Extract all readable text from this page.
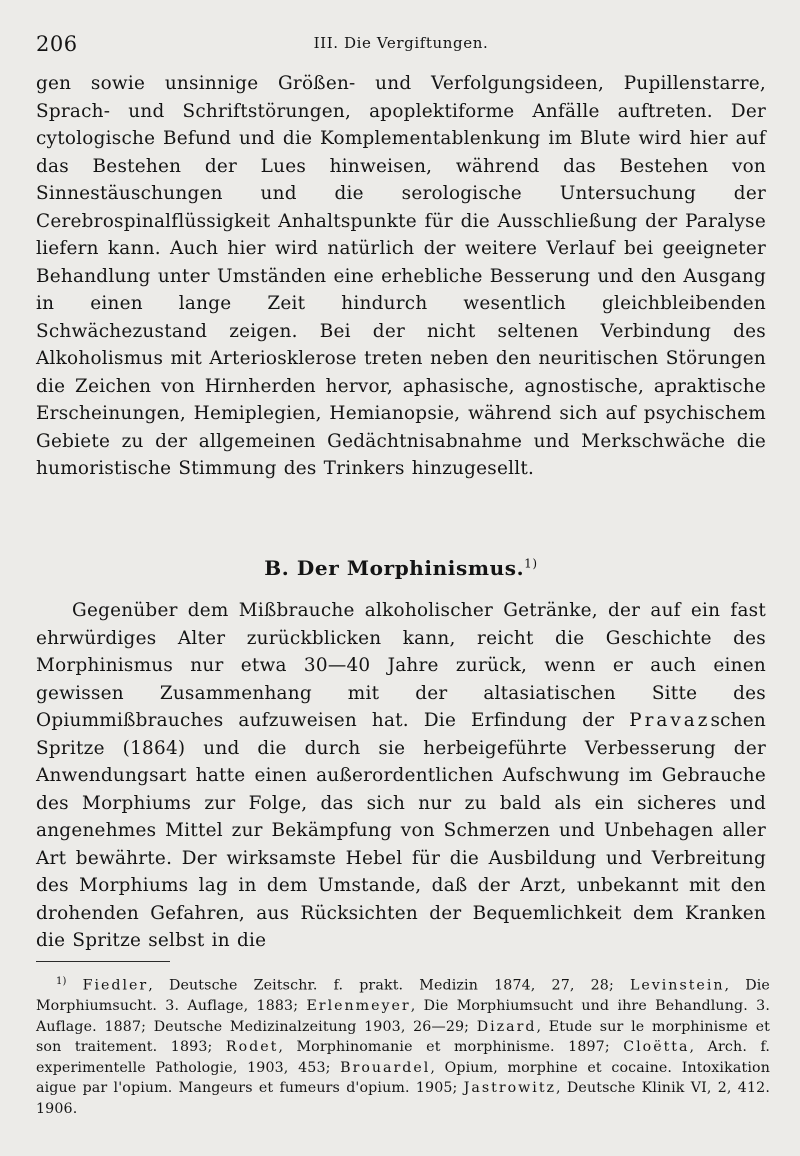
206	III. Die Vergiftungen.

gen sowie unsinnige Größen- und Verfolgungsideen, Pupillenstarre, Sprach- und Schriftstörungen, apoplektiforme Anfälle auftreten. Der cytologische Befund und die Komplementablenkung im Blute wird hier auf das Bestehen der Lues hinweisen, während das Bestehen von Sinnestäuschungen und die serologische Untersuchung der Cerebrospinalflüssigkeit Anhaltspunkte für die Ausschließung der Paralyse liefern kann. Auch hier wird natürlich der weitere Verlauf bei geeigneter Behandlung unter Umständen eine erhebliche Besserung und den Ausgang in einen lange Zeit hindurch wesentlich gleichbleibenden Schwächezustand zeigen. Bei der nicht seltenen Verbindung des Alkoholismus mit Arteriosklerose treten neben den neuritischen Störungen die Zeichen von Hirnherden hervor, aphasische, agnostische, apraktische Erscheinungen, Hemiplegien, Hemianopsie, während sich auf psychischem Gebiete zu der allgemeinen Gedächtnisabnahme und Merkschwäche die humoristische Stimmung des Trinkers hinzugesellt.

B. Der Morphinismus.$^{1)}$

Gegenüber dem Mißbrauche alkoholischer Getränke, der auf ein fast ehrwürdiges Alter zurückblicken kann, reicht die Geschichte des Morphinismus nur etwa 30—40 Jahre zurück, wenn er auch einen gewissen Zusammenhang mit der altasiatischen Sitte des Opiummißbrauches aufzuweisen hat. Die Erfindung der Pravazschen Spritze (1864) und die durch sie herbeigeführte Verbesserung der Anwendungsart hatte einen außerordentlichen Aufschwung im Gebrauche des Morphiums zur Folge, das sich nur zu bald als ein sicheres und angenehmes Mittel zur Bekämpfung von Schmerzen und Unbehagen aller Art bewährte. Der wirksamste Hebel für die Ausbildung und Verbreitung des Morphiums lag in dem Umstande, daß der Arzt, unbekannt mit den drohenden Gefahren, aus Rücksichten der Bequemlichkeit dem Kranken die Spritze selbst in die

$^{1)}$ Fiedler, Deutsche Zeitschr. f. prakt. Medizin 1874, 27, 28; Levinstein, Die Morphiumsucht. 3. Auflage, 1883; Erlenmeyer, Die Morphiumsucht und ihre Behandlung. 3. Auflage. 1887; Deutsche Medizinalzeitung 1903, 26—29; Dizard, Etude sur le morphinisme et son traitement. 1893; Rodet, Morphinomanie et morphinisme. 1897; Cloëtta, Arch. f. experimentelle Pathologie, 1903, 453; Brouardel, Opium, morphine et cocaine. Intoxikation aigue par l'opium. Mangeurs et fumeurs d'opium. 1905; Jastrowitz, Deutsche Klinik VI, 2, 412. 1906.
